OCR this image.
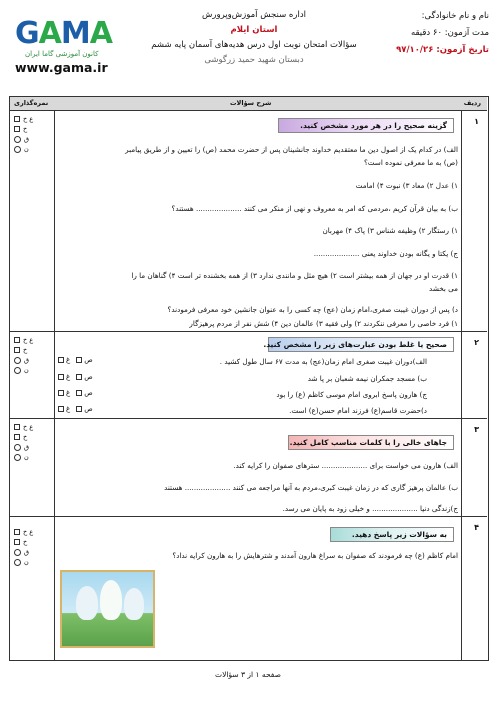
GAMA
کانون آموزشی گاما ایران
www.gama.ir
اداره سنجش آموزش‌وپرورش
استان ایلام
سؤالات امتحان نوبت اول درس هدیه‌های آسمان پایه ششم
دبستان شهید حمید زرگوشی
نام و نام خانوادگی:
مدت آزمون: ۶۰ دقیقه
تاریخ آزمون: ۹۷/۱۰/۲۶
ردیف
شرح سؤالات
نمره‌گذاری
۱
ع خ
خ
ق
ن
گزینه صحیح را در هر مورد مشخص کنید.
الف) در کدام یک از اصول دین ما معتقدیم خداوند جانشینان پس از حضرت محمد (ص) را تعیین و از طریق پیامبر
(ص) به ما معرفی نموده است؟
۱) عدل ۲) معاد ۳) نبوت ۴) امامت
ب) به بیان قرآن کریم ،مردمی که امر به معروف و نهی از منکر می کنند .................... هستند؟
۱) رستگار ۲) وظیفه شناس ۳) پاک ۴) مهربان
ج) یکتا و یگانه بودن خداوند یعنی ....................
۱) قدرت او در جهان از همه بیشتر است ۲) هیچ مثل و مانندی ندارد ۳) از همه بخشنده تر است ۴) گناهان ما را
می بخشد
د) پس از دوران غیبت صغری،امام زمان (عج) چه کسی را به عنوان جانشین خود معرفی فرمودند؟
۱) فرد خاصی را معرفی ننکردند ۲) ولی فقیه ۳) عالمان دین ۴) شش نفر از مردم پرهیزگار
۲
ع خ
خ
ق
ن
صحیح یا غلط بودن عبارت‌های زیر را مشخص کنید.
الف)دوران غیبت صغری امام زمان(عج) به مدت ۶۷ سال طول کشید .
ب) مسجد جمکران نیمه شعبان بر پا شد
ج) هارون پاسخ ابروی امام موسی کاظم (ع) را بود
د)حضرت قاسم(ع) فرزند امام حسن(ع) است.
غ ص
غ ص
غ ص
غ ص
۳
ع خ
خ
ق
ن
جاهای خالی را با کلمات مناسب کامل کنید.
الف) هارون می خواست برای .................... سترهای صفوان را کرایه کند.
ب) عالمان پرهیز گاری که در زمان غیبت کبری،مردم به آنها مراجعه می کنند .................... هستند
ج)زندگی دنیا .................... و خیلی زود به پایان می رسد.
۴
ع خ
خ
ق
ن
به سؤالات زیر پاسخ دهید.
امام کاظم (ع) چه فرمودند که صفوان به سراغ هارون آمدند و شترهایش را به هارون کرایه نداد؟
صفحه ۱ از ۳ سؤالات
